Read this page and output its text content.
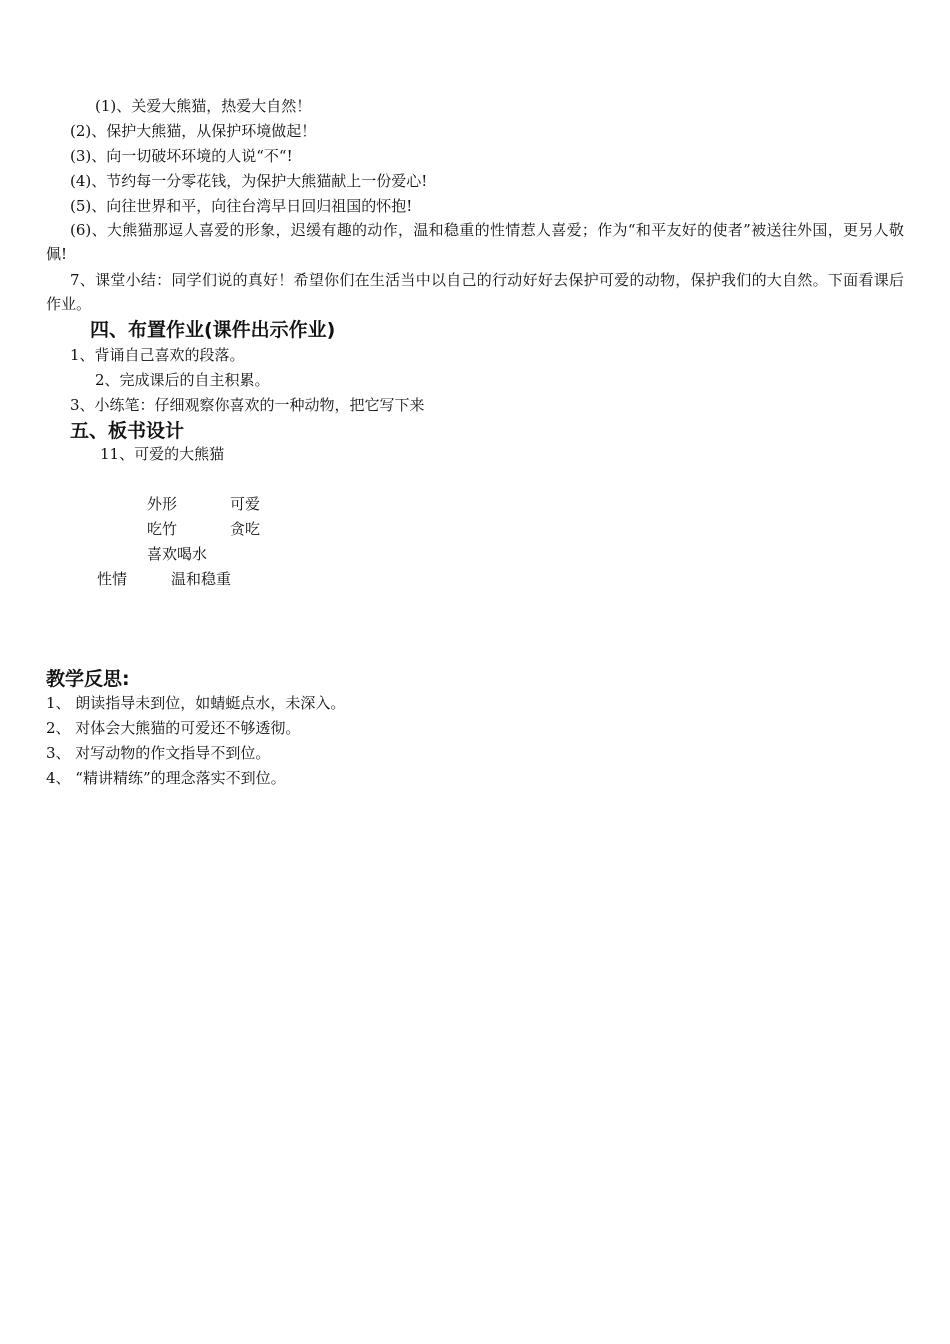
(1)、关爱大熊猫，热爱大自然！
(2)、保护大熊猫，从保护环境做起！
(3)、向一切破坏环境的人说“不“!
(4)、节约每一分零花钱，为保护大熊猫献上一份爱心!
(5)、向往世界和平，向往台湾早日回归祖国的怀抱!
(6)、大熊猫那逗人喜爱的形象，迟缓有趣的动作，温和稳重的性情惹人喜爱；作为“和平友好的使者”被送往外国，更另人敬佩!
7、课堂小结：同学们说的真好！希望你们在生活当中以自己的行动好好去保护可爱的动物，保护我们的大自然。下面看课后作业。
四、布置作业(课件出示作业)
1、背诵自己喜欢的段落。
2、完成课后的自主积累。
3、小练笔：仔细观察你喜欢的一种动物，把它写下来
五、板书设计
11、可爱的大熊猫
外形	可爱
吃竹	贪吃
喜欢喝水
性情	温和稳重
教学反思:
1、 朗读指导未到位，如蜻蜓点水，未深入。
2、 对体会大熊猫的可爱还不够透彻。
3、 对写动物的作文指导不到位。
4、 “精讲精练”的理念落实不到位。
